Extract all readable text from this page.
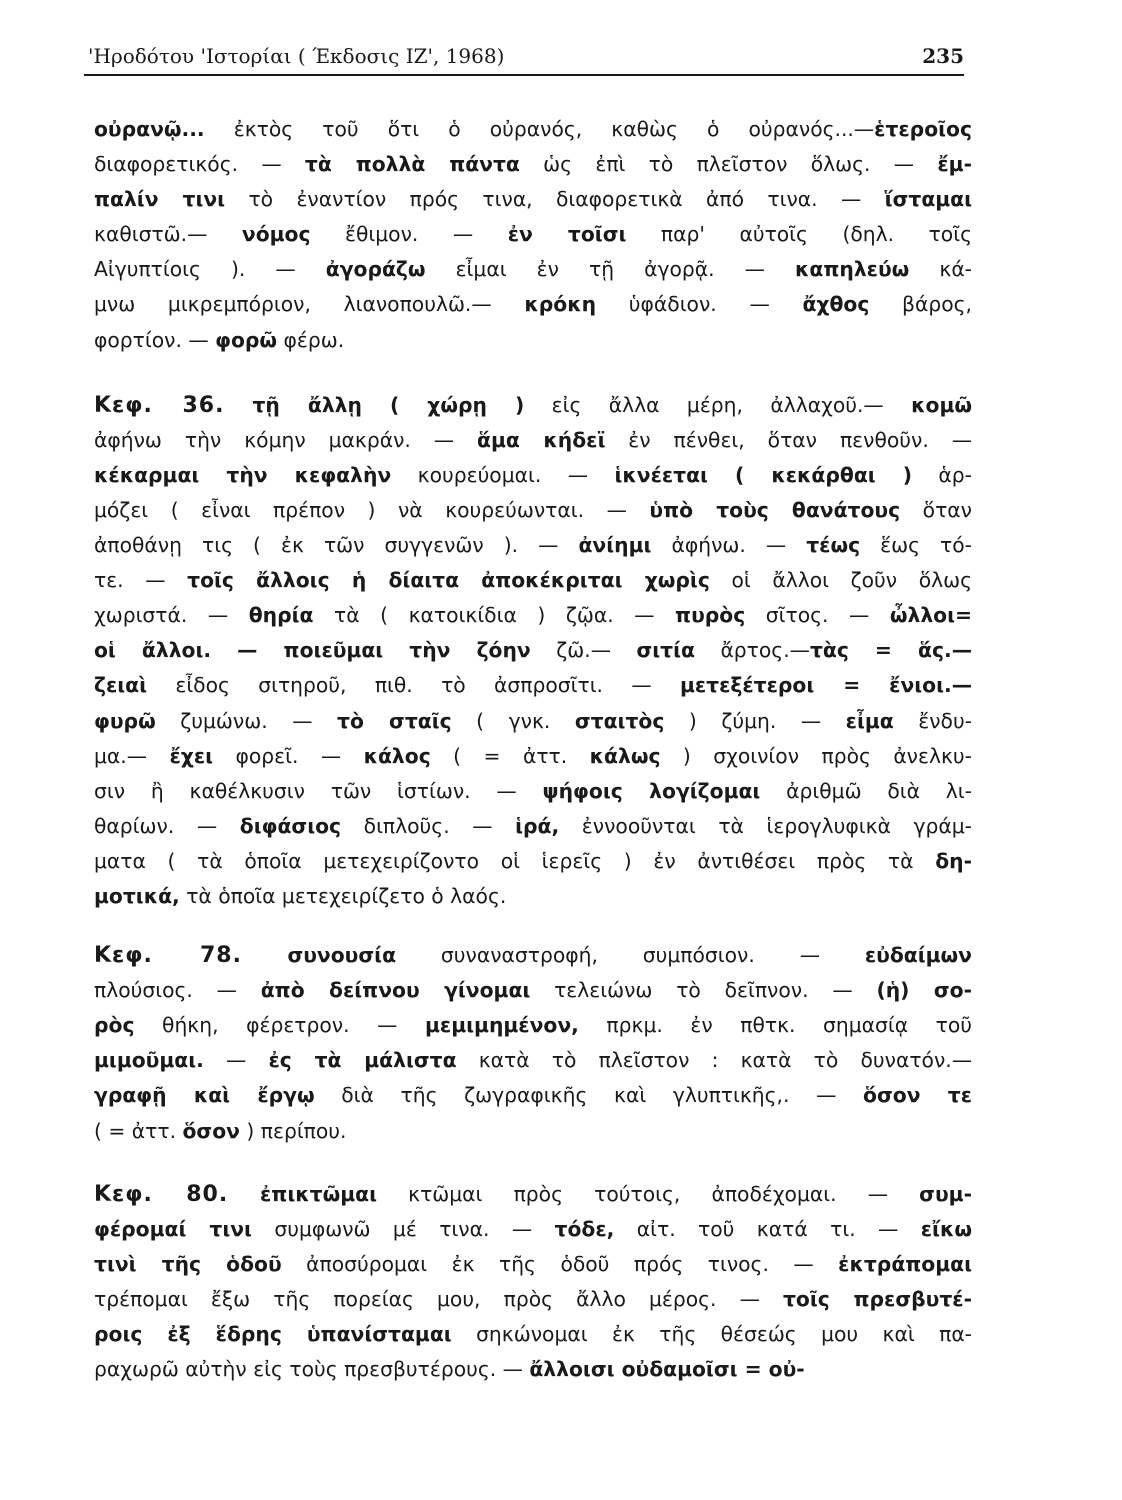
'Ηροδότου 'Ιστορίαι ( Έκδοσις ΙΖ', 1968)	235
οὐρανῷ... ἐκτὸς τοῦ ὅτι ὁ οὐρανός, καθὼς ὁ οὐρανός...—ἑτεροῖος
διαφορετικός. — τὰ πολλὰ πάντα ὡς ἐπὶ τὸ πλεῖστον ὅλως. — ἔμ-
παλίν τινι τὸ ἐναντίον πρός τινα, διαφορετικὰ ἀπό τινα. — ἵσταμαι
καθιστῶ.— νόμος ἔθιμον. — ἐν τοῖσι παρ' αὐτοῖς (δηλ. τοῖς
Αἰγυπτίοις ). — ἀγοράζω εἶμαι ἐν τῇ ἀγορᾷ. — καπηλεύω κά-
μνω μικρεμπόριον, λιανοπουλῶ.— κρόκη ὑφάδιον. — ἄχθος βάρος,
φορτίον. — φορῶ φέρω.
Κεφ. 36. τῇ ἄλλῃ ( χώρῃ ) εἰς ἄλλα μέρη, ἀλλαχοῦ.— κομῶ
ἀφήνω τὴν κόμην μακράν. — ἅμα κήδεϊ ἐν πένθει, ὅταν πενθοῦν. —
κέκαρμαι τὴν κεφαλὴν κουρεύομαι. — ἱκνέεται ( κεκάρθαι ) ἁρ-
μόζει ( εἶναι πρέπον ) νὰ κουρεύωνται. — ὑπὸ τοὺς θανάτους ὅταν
ἀποθάνῃ τις ( ἐκ τῶν συγγενῶν ). — ἀνίημι ἀφήνω. — τέως ἕως τό-
τε. — τοῖς ἄλλοις ἡ δίαιτα ἀποκέκριται χωρὶς οἱ ἄλλοι ζοῦν ὅλως
χωριστά. — θηρία τὰ ( κατοικίδια ) ζῷα. — πυρὸς σῖτος. — ὦλλοι=
οἱ ἄλλοι. — ποιεῦμαι τὴν ζόην ζῶ.— σιτία ἄρτος.—τὰς = ἅς.—
ζειαὶ εἶδος σιτηροῦ, πιθ. τὸ ἀσπροσῖτι. — μετεξέτεροι = ἔνιοι.—
φυρῶ ζυμώνω. — τὸ σταῖς ( γνκ. σταιτὸς ) ζύμη. — εἶμα ἔνδυ-
μα.— ἔχει φορεῖ. — κάλος ( = ἀττ. κάλως ) σχοινίον πρὸς ἀνελκυ-
σιν ἢ καθέλκυσιν τῶν ἱστίων. — ψήφοις λογίζομαι ἀριθμῶ διὰ λι-
θαρίων. — διφάσιος διπλοῦς. — ἱρά, ἐννοοῦνται τὰ ἱερογλυφικὰ γράμ-
ματα ( τὰ ὁποῖα μετεχειρίζοντο οἱ ἱερεῖς ) ἐν ἀντιθέσει πρὸς τὰ δη-
μοτικά, τὰ ὁποῖα μετεχειρίζετο ὁ λαός.
Κεφ. 78. συνουσία συναναστροφή, συμπόσιον. — εὐδαίμων
πλούσιος. — ἀπὸ δείπνου γίνομαι τελειώνω τὸ δεῖπνον. — (ἡ) σο-
ρὸς θήκη, φέρετρον. — μεμιμημένον, πρκμ. ἐν πθτκ. σημασίᾳ τοῦ
μιμοῦμαι. — ἐς τὰ μάλιστα κατὰ τὸ πλεῖστον : κατὰ τὸ δυνατόν.—
γραφῇ καὶ ἔργῳ διὰ τῆς ζωγραφικῆς καὶ γλυπτικῆς,. — ὅσον τε
( = ἀττ. ὅσον ) περίπου.
Κεφ. 80. ἐπικτῶμαι κτῶμαι πρὸς τούτοις, ἀποδέχομαι. — συμ-
φέρομαί τινι συμφωνῶ μέ τινα. — τόδε, αἰτ. τοῦ κατά τι. — εἴκω
τινὶ τῆς ὁδοῦ ἀποσύρομαι ἐκ τῆς ὁδοῦ πρός τινος. — ἐκτράπομαι
τρέπομαι ἔξω τῆς πορείας μου, πρὸς ἄλλο μέρος. — τοῖς πρεσβυτέ-
ροις ἐξ ἕδρης ὑπανίσταμαι σηκώνομαι ἐκ τῆς θέσεώς μου καὶ πα-
ραχωρῶ αὐτὴν εἰς τοὺς πρεσβυτέρους. — ἄλλοισι οὐδαμοῖσι = οὐ-
